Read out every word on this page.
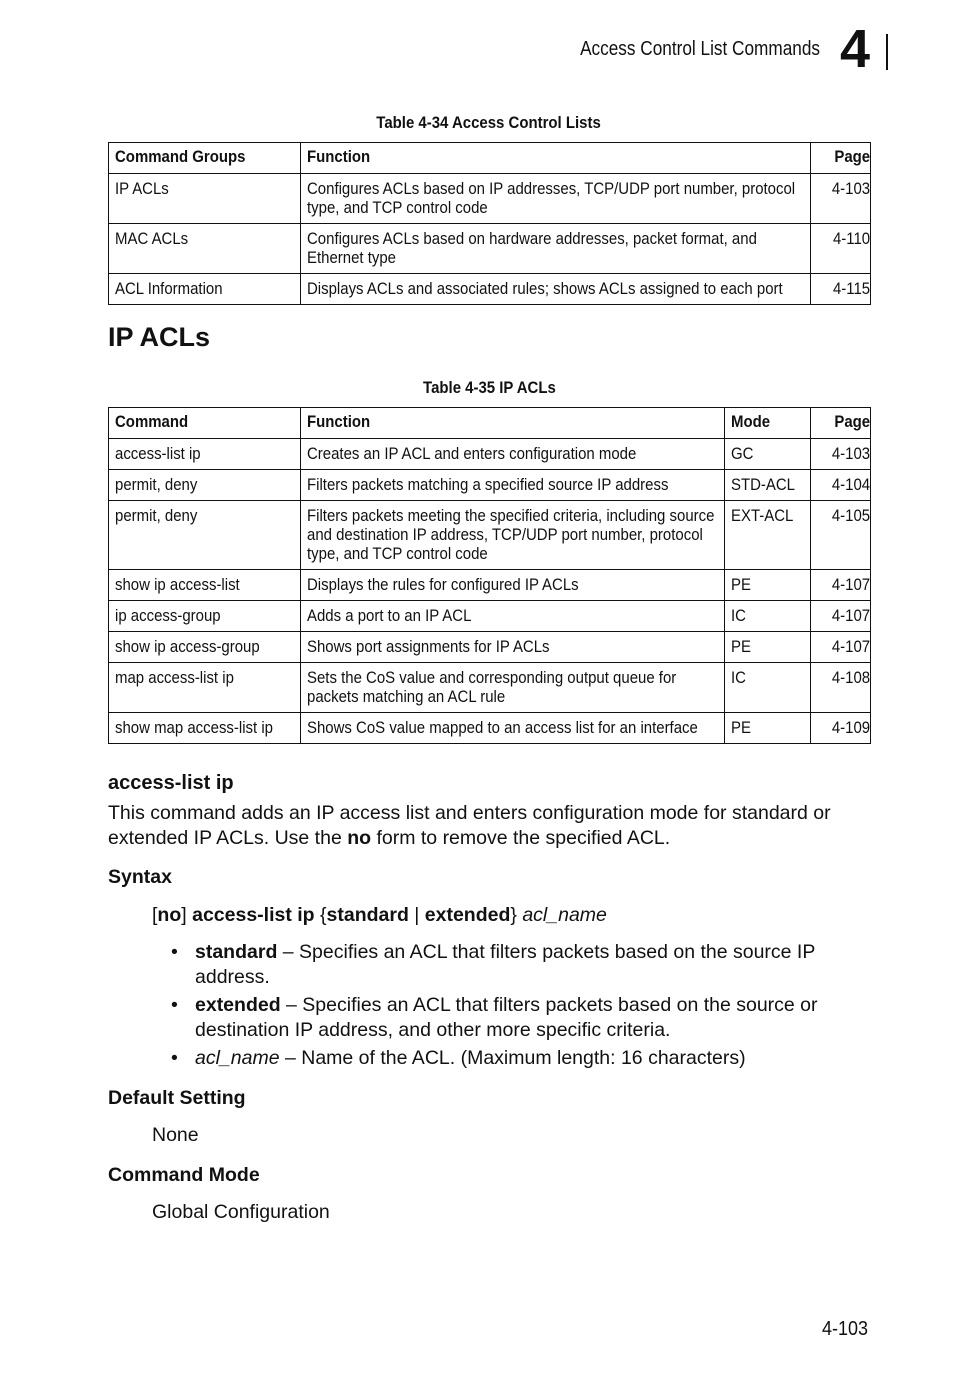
Access Control List Commands 4
Table 4-34 Access Control Lists
Command Groups	Function	Page
IP ACLs	Configures ACLs based on IP addresses, TCP/UDP port number, protocol type, and TCP control code	4-103
MAC ACLs	Configures ACLs based on hardware addresses, packet format, and Ethernet type	4-110
ACL Information	Displays ACLs and associated rules; shows ACLs assigned to each port	4-115
IP ACLs
Table 4-35 IP ACLs
Command	Function	Mode	Page
access-list ip	Creates an IP ACL and enters configuration mode	GC	4-103
permit, deny	Filters packets matching a specified source IP address	STD-ACL	4-104
permit, deny	Filters packets meeting the specified criteria, including source and destination IP address, TCP/UDP port number, protocol type, and TCP control code	EXT-ACL	4-105
show ip access-list	Displays the rules for configured IP ACLs	PE	4-107
ip access-group	Adds a port to an IP ACL	IC	4-107
show ip access-group	Shows port assignments for IP ACLs	PE	4-107
map access-list ip	Sets the CoS value and corresponding output queue for packets matching an ACL rule	IC	4-108
show map access-list ip	Shows CoS value mapped to an access list for an interface	PE	4-109
access-list ip
This command adds an IP access list and enters configuration mode for standard or extended IP ACLs. Use the no form to remove the specified ACL.
Syntax
[no] access-list ip {standard | extended} acl_name
• standard – Specifies an ACL that filters packets based on the source IP address.
• extended – Specifies an ACL that filters packets based on the source or destination IP address, and other more specific criteria.
• acl_name – Name of the ACL. (Maximum length: 16 characters)
Default Setting
None
Command Mode
Global Configuration
4-103
